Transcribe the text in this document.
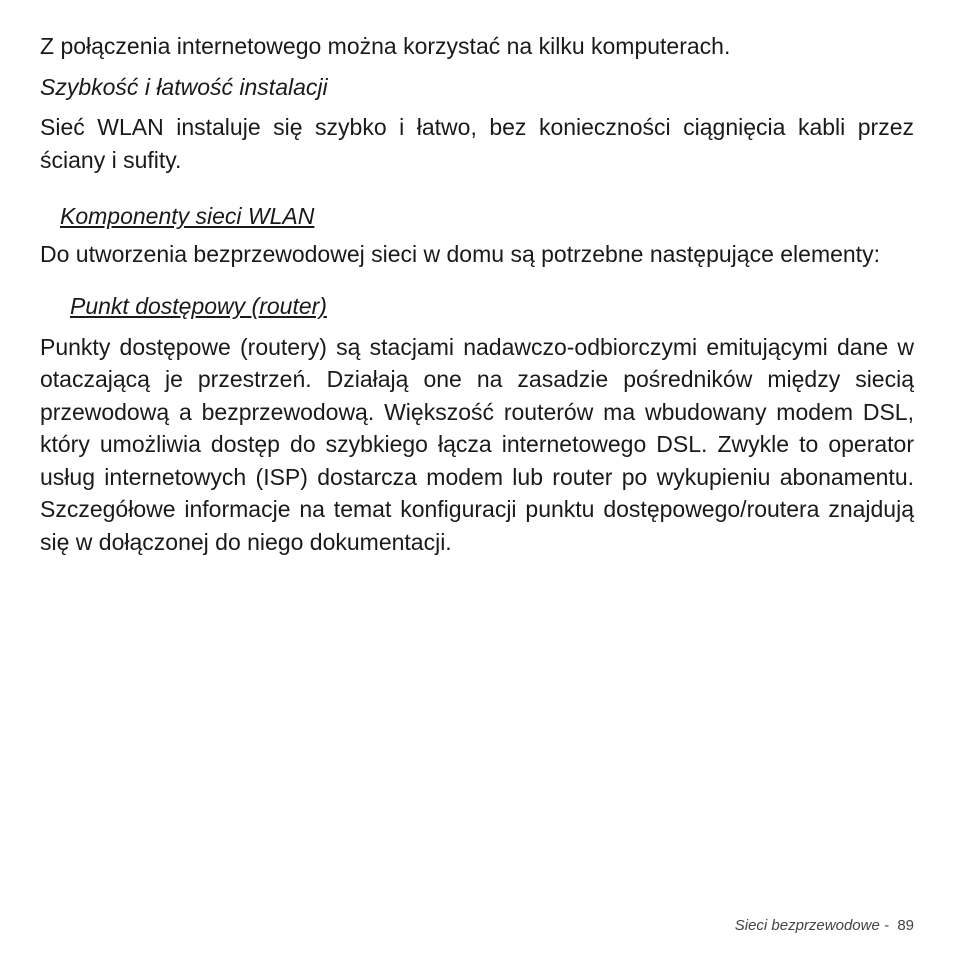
Z połączenia internetowego można korzystać na kilku komputerach.

Szybkość i łatwość instalacji

Sieć WLAN instaluje się szybko i łatwo, bez konieczności ciągnięcia kabli przez ściany i sufity.

Komponenty sieci WLAN

Do utworzenia bezprzewodowej sieci w domu są potrzebne następujące elementy:

Punkt dostępowy (router)

Punkty dostępowe (routery) są stacjami nadawczo-odbiorczymi emitującymi dane w otaczającą je przestrzeń. Działają one na zasadzie pośredników między siecią przewodową a bezprzewodową. Większość routerów ma wbudowany modem DSL, który umożliwia dostęp do szybkiego łącza internetowego DSL. Zwykle to operator usług internetowych (ISP) dostarcza modem lub router po wykupieniu abonamentu. Szczegółowe informacje na temat konfiguracji punktu dostępowego/routera znajdują się w dołączonej do niego dokumentacji.

Sieci bezprzewodowe -  89
